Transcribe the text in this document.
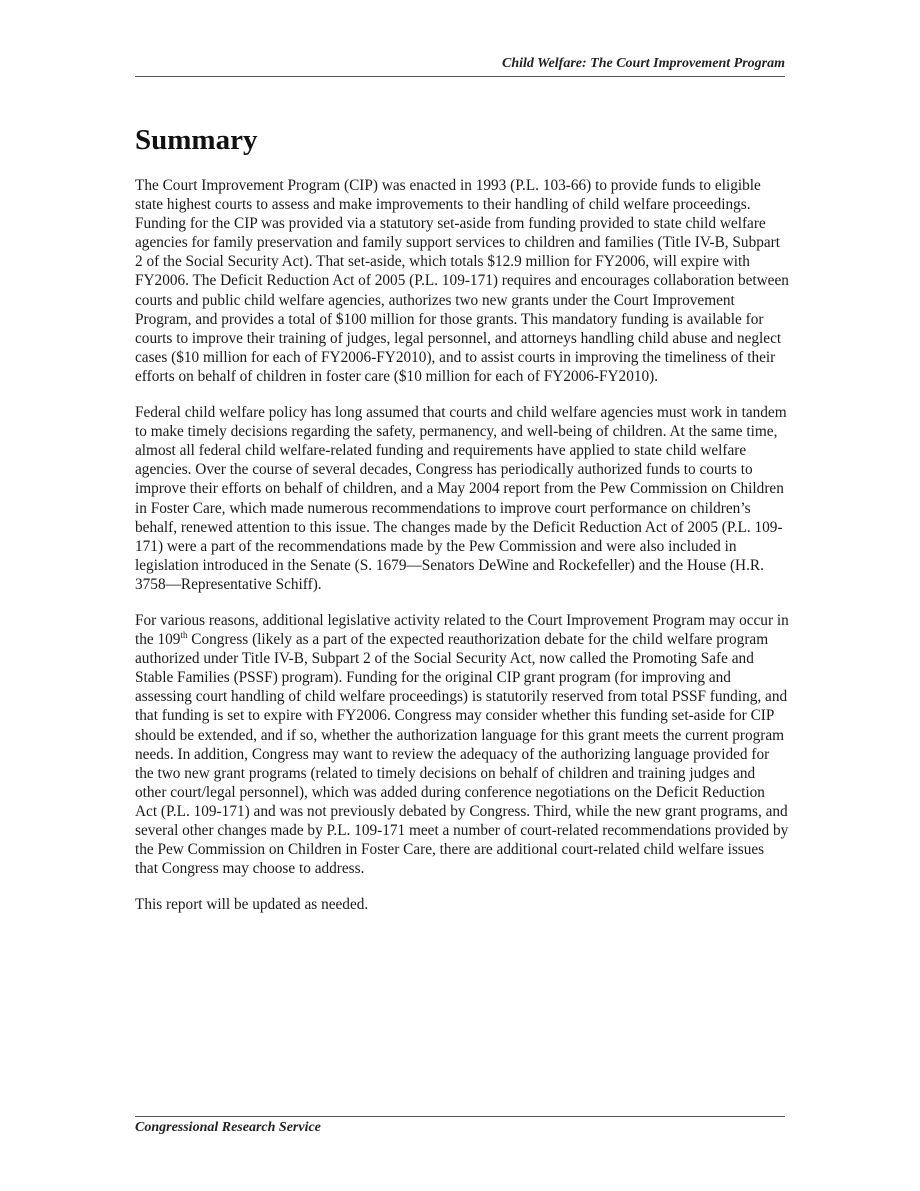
Child Welfare: The Court Improvement Program
Summary

The Court Improvement Program (CIP) was enacted in 1993 (P.L. 103-66) to provide funds to eligible state highest courts to assess and make improvements to their handling of child welfare proceedings. Funding for the CIP was provided via a statutory set-aside from funding provided to state child welfare agencies for family preservation and family support services to children and families (Title IV-B, Subpart 2 of the Social Security Act). That set-aside, which totals $12.9 million for FY2006, will expire with FY2006. The Deficit Reduction Act of 2005 (P.L. 109-171) requires and encourages collaboration between courts and public child welfare agencies, authorizes two new grants under the Court Improvement Program, and provides a total of $100 million for those grants. This mandatory funding is available for courts to improve their training of judges, legal personnel, and attorneys handling child abuse and neglect cases ($10 million for each of FY2006-FY2010), and to assist courts in improving the timeliness of their efforts on behalf of children in foster care ($10 million for each of FY2006-FY2010).

Federal child welfare policy has long assumed that courts and child welfare agencies must work in tandem to make timely decisions regarding the safety, permanency, and well-being of children. At the same time, almost all federal child welfare-related funding and requirements have applied to state child welfare agencies. Over the course of several decades, Congress has periodically authorized funds to courts to improve their efforts on behalf of children, and a May 2004 report from the Pew Commission on Children in Foster Care, which made numerous recommendations to improve court performance on children’s behalf, renewed attention to this issue. The changes made by the Deficit Reduction Act of 2005 (P.L. 109-171) were a part of the recommendations made by the Pew Commission and were also included in legislation introduced in the Senate (S. 1679—Senators DeWine and Rockefeller) and the House (H.R. 3758—Representative Schiff).

For various reasons, additional legislative activity related to the Court Improvement Program may occur in the 109th Congress (likely as a part of the expected reauthorization debate for the child welfare program authorized under Title IV-B, Subpart 2 of the Social Security Act, now called the Promoting Safe and Stable Families (PSSF) program). Funding for the original CIP grant program (for improving and assessing court handling of child welfare proceedings) is statutorily reserved from total PSSF funding, and that funding is set to expire with FY2006. Congress may consider whether this funding set-aside for CIP should be extended, and if so, whether the authorization language for this grant meets the current program needs. In addition, Congress may want to review the adequacy of the authorizing language provided for the two new grant programs (related to timely decisions on behalf of children and training judges and other court/legal personnel), which was added during conference negotiations on the Deficit Reduction Act (P.L. 109-171) and was not previously debated by Congress. Third, while the new grant programs, and several other changes made by P.L. 109-171 meet a number of court-related recommendations provided by the Pew Commission on Children in Foster Care, there are additional court-related child welfare issues that Congress may choose to address.

This report will be updated as needed.

Congressional Research Service
